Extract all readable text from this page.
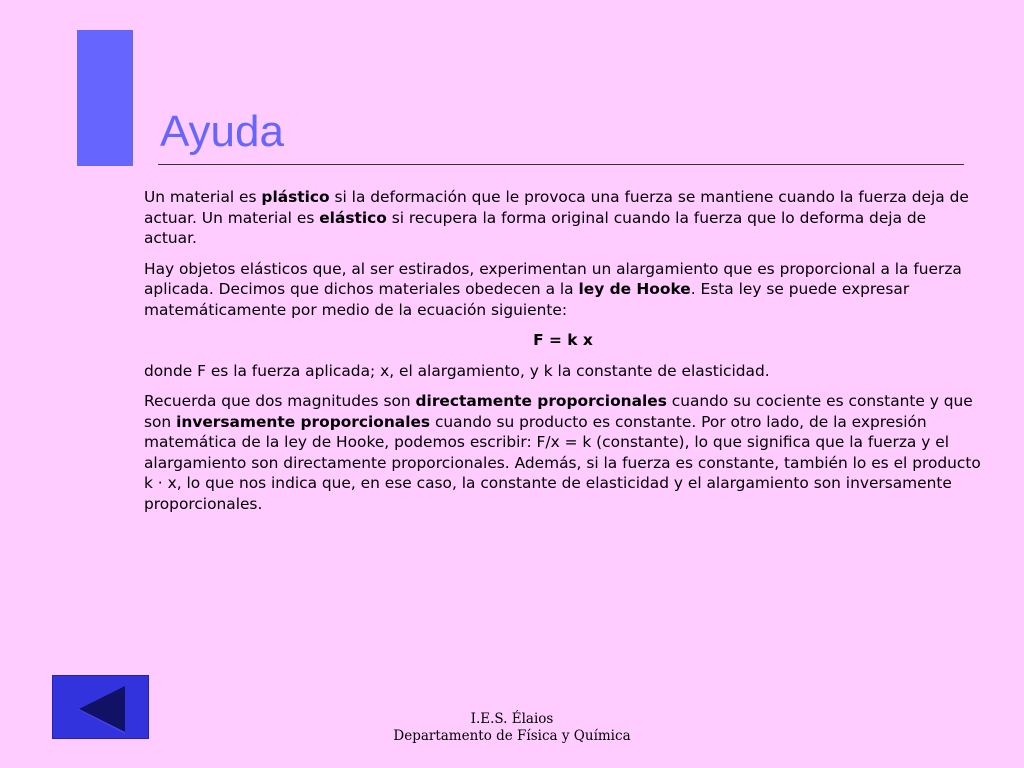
Ayuda

Un material es plástico si la deformación que le provoca una fuerza se mantiene cuando la fuerza deja de actuar. Un material es elástico si recupera la forma original cuando la fuerza que lo deforma deja de actuar.

Hay objetos elásticos que, al ser estirados, experimentan un alargamiento que es proporcional a la fuerza aplicada. Decimos que dichos materiales obedecen a la ley de Hooke. Esta ley se puede expresar matemáticamente por medio de la ecuación siguiente:

F = k x

donde F es la fuerza aplicada; x, el alargamiento, y k la constante de elasticidad.

Recuerda que dos magnitudes son directamente proporcionales cuando su cociente es constante y que son inversamente proporcionales cuando su producto es constante. Por otro lado, de la expresión matemática de la ley de Hooke, podemos escribir: F/x = k (constante), lo que significa que la fuerza y el alargamiento son directamente proporcionales. Además, si la fuerza es constante, también lo es el producto k · x, lo que nos indica que, en ese caso, la constante de elasticidad y el alargamiento son inversamente proporcionales.

I.E.S. Élaios
Departamento de Física y Química
